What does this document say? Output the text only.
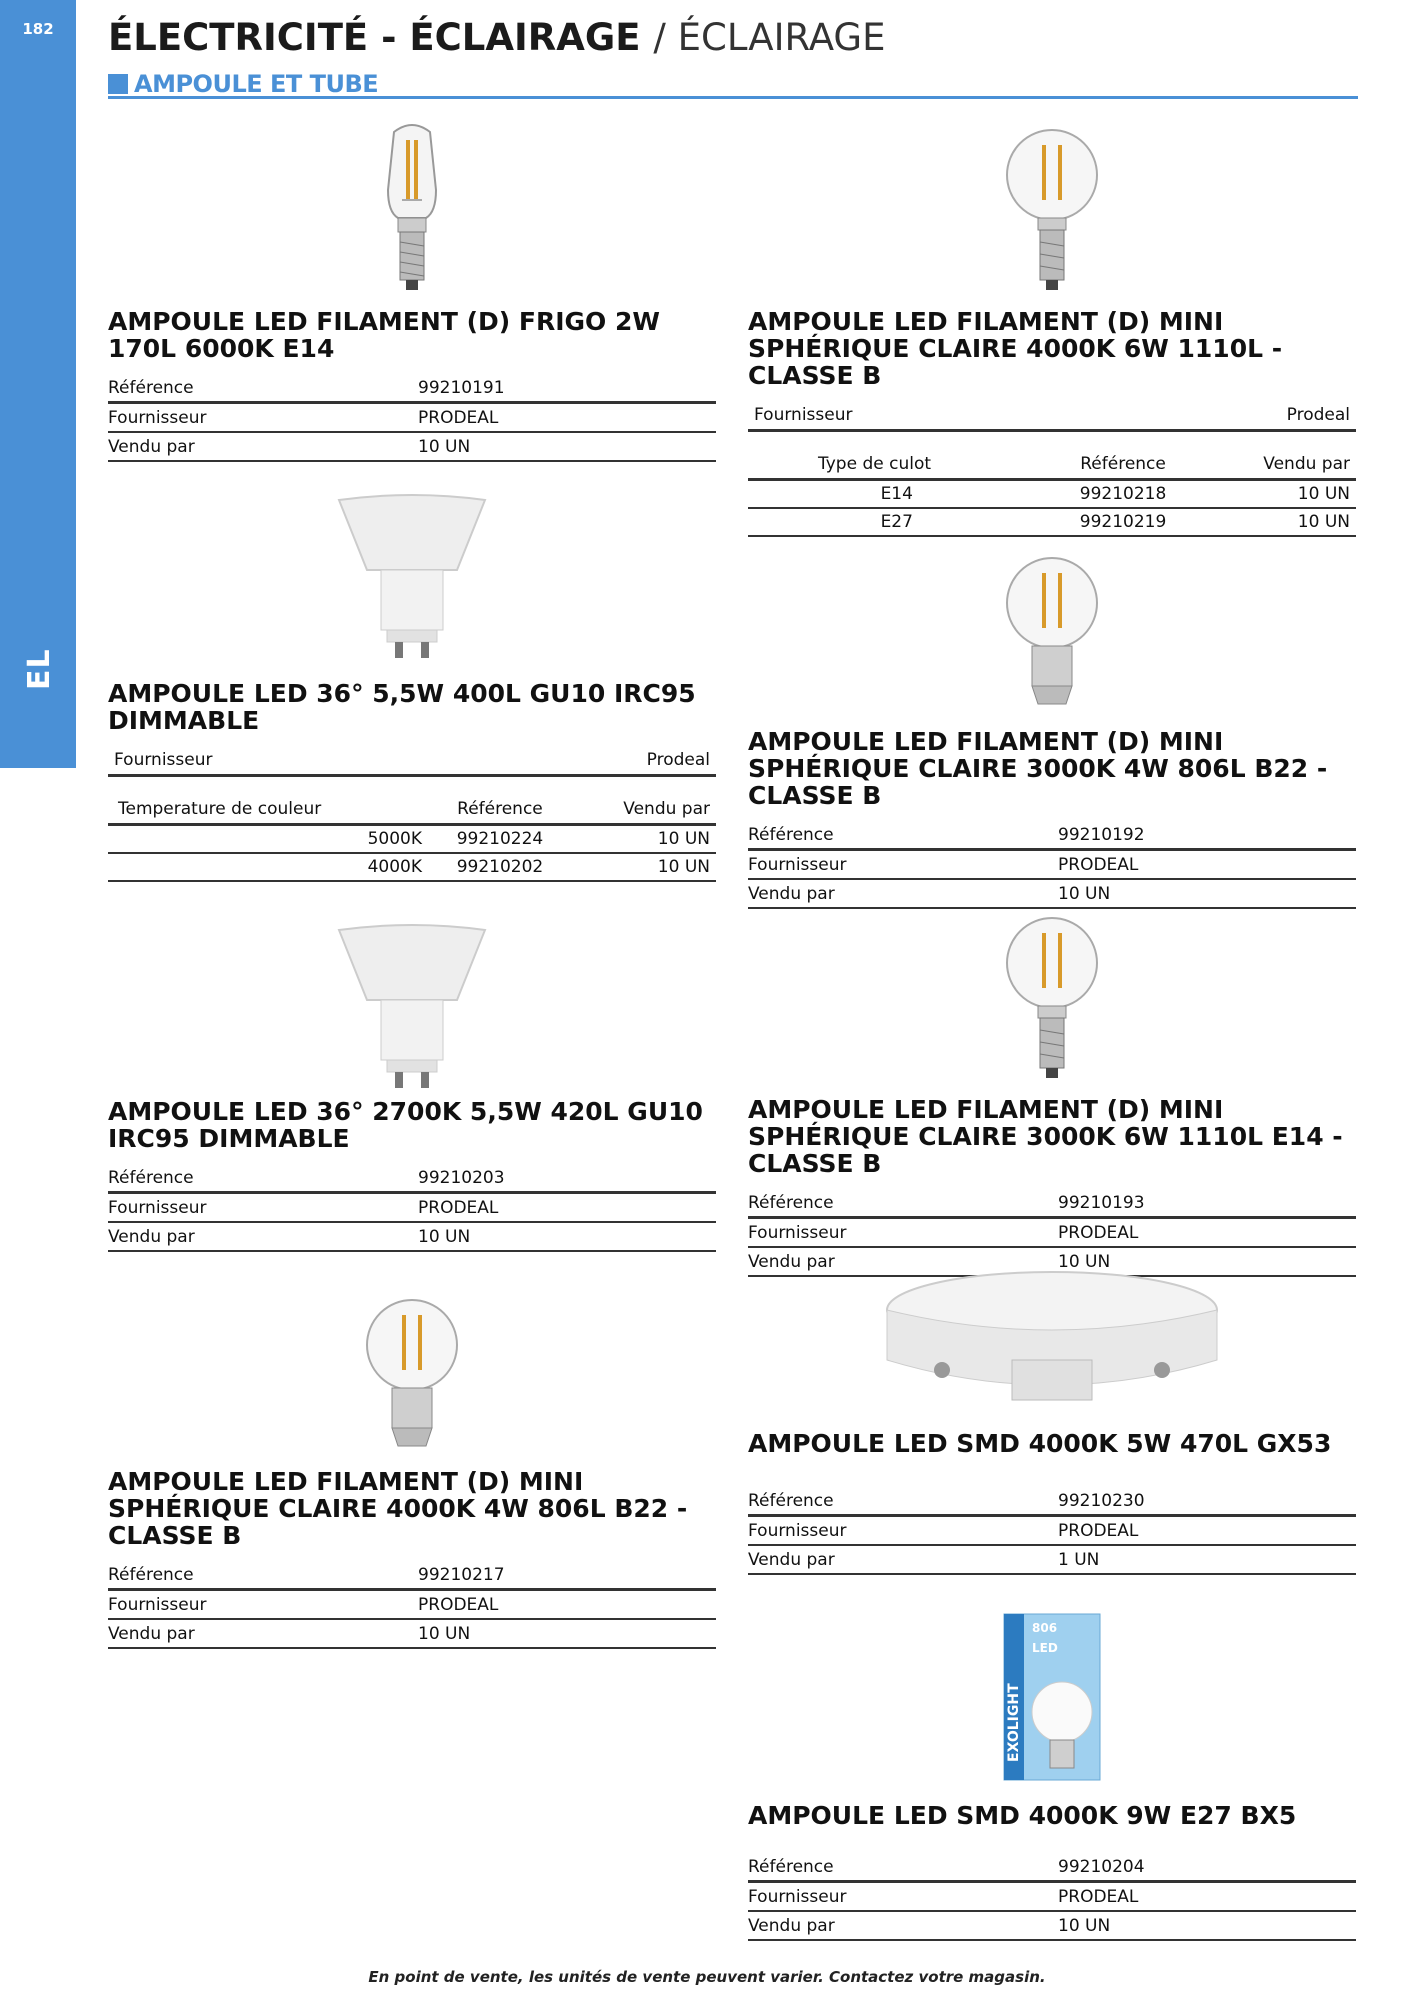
182
EL
ÉLECTRICITÉ - ÉCLAIRAGE / ÉCLAIRAGE
AMPOULE ET TUBE
AMPOULE LED FILAMENT (D) FRIGO 2W 170L 6000K E14
Référence	99210191
Fournisseur	PRODEAL
Vendu par	10 UN
AMPOULE LED 36° 5,5W 400L GU10 IRC95 DIMMABLE
Fournisseur	Prodeal
Temperature de couleur	Référence	Vendu par
5000K	99210224	10 UN
4000K	99210202	10 UN
AMPOULE LED 36° 2700K 5,5W 420L GU10 IRC95 DIMMABLE
Référence	99210203
Fournisseur	PRODEAL
Vendu par	10 UN
AMPOULE LED FILAMENT (D) MINI SPHÉRIQUE CLAIRE 4000K 4W 806L B22 - CLASSE B
Référence	99210217
Fournisseur	PRODEAL
Vendu par	10 UN
AMPOULE LED FILAMENT (D) MINI SPHÉRIQUE CLAIRE 4000K 6W 1110L - CLASSE B
Fournisseur	Prodeal
Type de culot	Référence	Vendu par
E14	99210218	10 UN
E27	99210219	10 UN
AMPOULE LED FILAMENT (D) MINI SPHÉRIQUE CLAIRE 3000K 4W 806L B22 - CLASSE B
Référence	99210192
Fournisseur	PRODEAL
Vendu par	10 UN
AMPOULE LED FILAMENT (D) MINI SPHÉRIQUE CLAIRE 3000K 6W 1110L E14 - CLASSE B
Référence	99210193
Fournisseur	PRODEAL
Vendu par	10 UN
AMPOULE LED SMD 4000K 5W 470L GX53
Référence	99210230
Fournisseur	PRODEAL
Vendu par	1 UN
EXOLIGHT
806
LED
AMPOULE LED SMD 4000K 9W E27 BX5
Référence	99210204
Fournisseur	PRODEAL
Vendu par	10 UN
En point de vente, les unités de vente peuvent varier. Contactez votre magasin.
